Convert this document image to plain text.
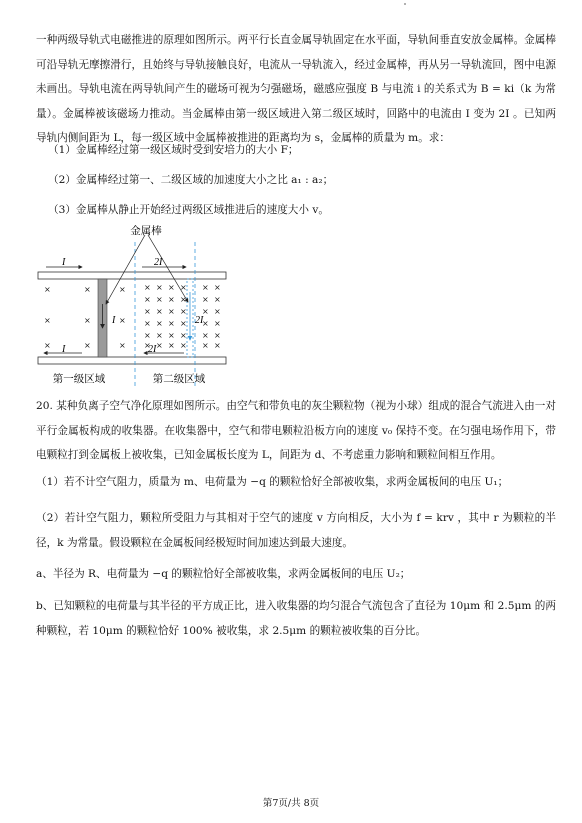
一种两级导轨式电磁推进的原理如图所示。两平行长直金属导轨固定在水平面，导轨间垂直安放金属棒。金属棒可沿导轨无摩擦滑行，且始终与导轨接触良好，电流从一导轨流入，经过金属棒，再从另一导轨流回，图中电源未画出。导轨电流在两导轨间产生的磁场可视为匀强磁场，磁感应强度 B 与电流 i 的关系式为 B = ki（k 为常量）。金属棒被该磁场力推动。当金属棒由第一级区域进入第二级区域时，回路中的电流由 I 变为 2I 。已知两导轨内侧间距为 L，每一级区域中金属棒被推进的距离均为 s，金属棒的质量为 m。求：

（1）金属棒经过第一级区域时受到安培力的大小 F；
（2）金属棒经过第一、二级区域的加速度大小之比 a₁ : a₂；
（3）金属棒从静止开始经过两级区域推进后的速度大小 v。
金属棒
I	2I
I	2I
I	2I
×	×
×	×
×	×
×
×
×
× × × × × ×
× × × × × ×
× × × × × ×
× × × × × ×
× × × × × ×
× × × × × ×
第一级区域	第二级区域

20. 某种负离子空气净化原理如图所示。由空气和带负电的灰尘颗粒物（视为小球）组成的混合气流进入由一对平行金属板构成的收集器。在收集器中，空气和带电颗粒沿板方向的速度 v₀ 保持不变。在匀强电场作用下，带电颗粒打到金属板上被收集，已知金属板长度为 L，间距为 d、不考虑重力影响和颗粒间相互作用。

（1）若不计空气阻力，质量为 m、电荷量为 −q 的颗粒恰好全部被收集，求两金属板间的电压 U₁；

（2）若计空气阻力，颗粒所受阻力与其相对于空气的速度 v 方向相反，大小为 f = krv ，其中 r 为颗粒的半径，k 为常量。假设颗粒在金属板间经极短时间加速达到最大速度。

a、半径为 R、电荷量为 −q 的颗粒恰好全部被收集，求两金属板间的电压 U₂；

b、已知颗粒的电荷量与其半径的平方成正比，进入收集器的均匀混合气流包含了直径为 10μm 和 2.5μm 的两种颗粒，若 10μm 的颗粒恰好 100% 被收集，求 2.5μm 的颗粒被收集的百分比。

第7页/共 8页
